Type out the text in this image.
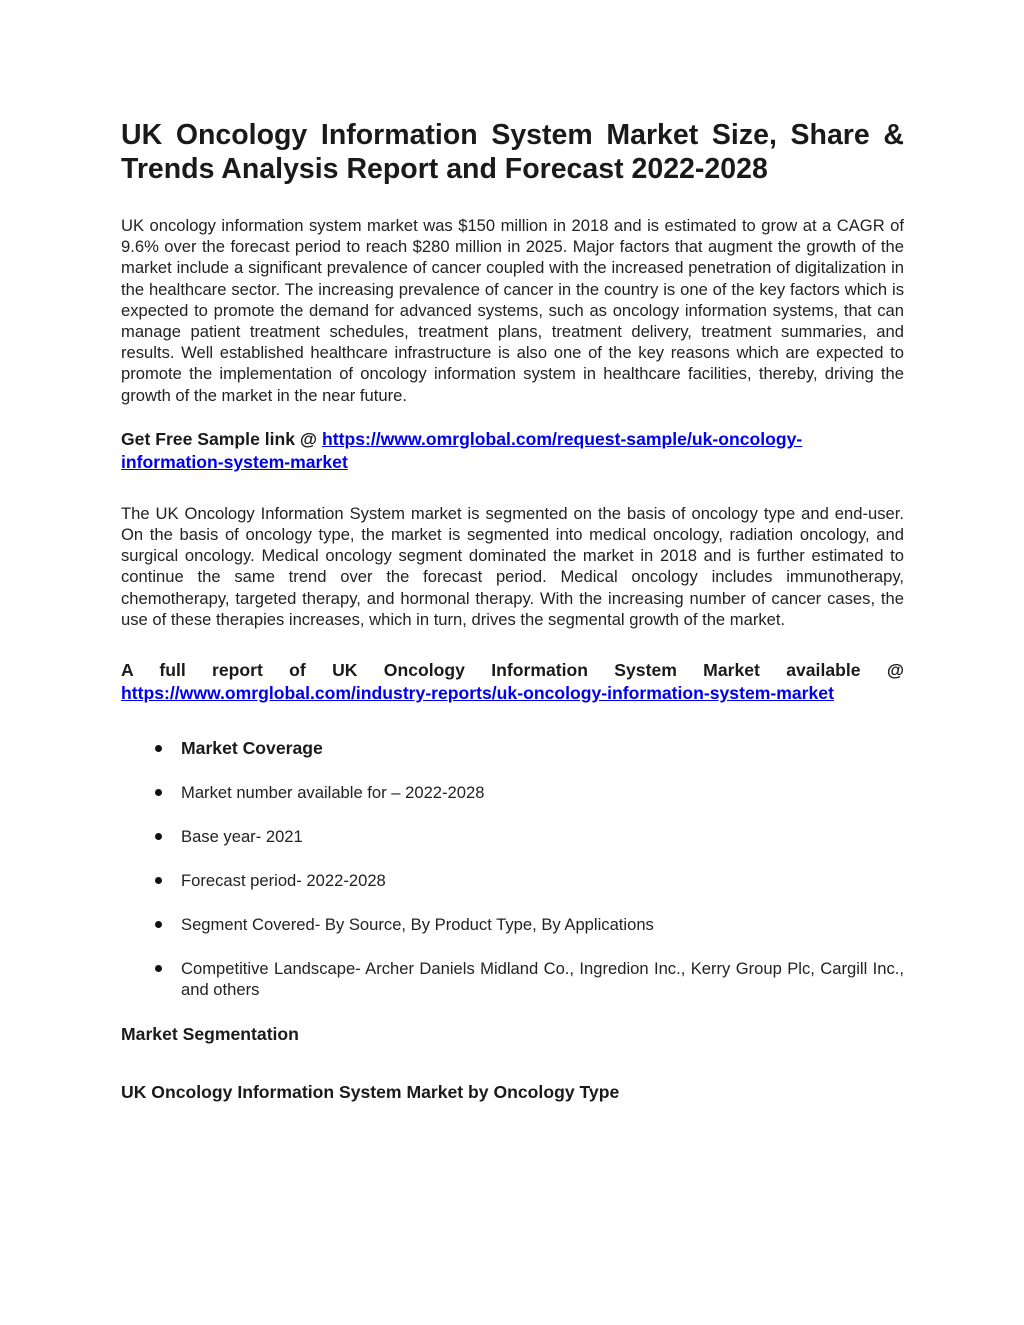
UK Oncology Information System Market Size, Share & Trends Analysis Report and Forecast 2022-2028

UK oncology information system market was $150 million in 2018 and is estimated to grow at a CAGR of 9.6% over the forecast period to reach $280 million in 2025. Major factors that augment the growth of the market include a significant prevalence of cancer coupled with the increased penetration of digitalization in the healthcare sector. The increasing prevalence of cancer in the country is one of the key factors which is expected to promote the demand for advanced systems, such as oncology information systems, that can manage patient treatment schedules, treatment plans, treatment delivery, treatment summaries, and results. Well established healthcare infrastructure is also one of the key reasons which are expected to promote the implementation of oncology information system in healthcare facilities, thereby, driving the growth of the market in the near future.

Get Free Sample link @ https://www.omrglobal.com/request-sample/uk-oncology-information-system-market

The UK Oncology Information System market is segmented on the basis of oncology type and end-user. On the basis of oncology type, the market is segmented into medical oncology, radiation oncology, and surgical oncology. Medical oncology segment dominated the market in 2018 and is further estimated to continue the same trend over the forecast period. Medical oncology includes immunotherapy, chemotherapy, targeted therapy, and hormonal therapy. With the increasing number of cancer cases, the use of these therapies increases, which in turn, drives the segmental growth of the market.

A full report of UK Oncology Information System Market available @ https://www.omrglobal.com/industry-reports/uk-oncology-information-system-market

Market Coverage
Market number available for – 2022-2028
Base year- 2021
Forecast period- 2022-2028
Segment Covered- By Source, By Product Type, By Applications
Competitive Landscape- Archer Daniels Midland Co., Ingredion Inc., Kerry Group Plc, Cargill Inc., and others
Market Segmentation
UK Oncology Information System Market by Oncology Type
